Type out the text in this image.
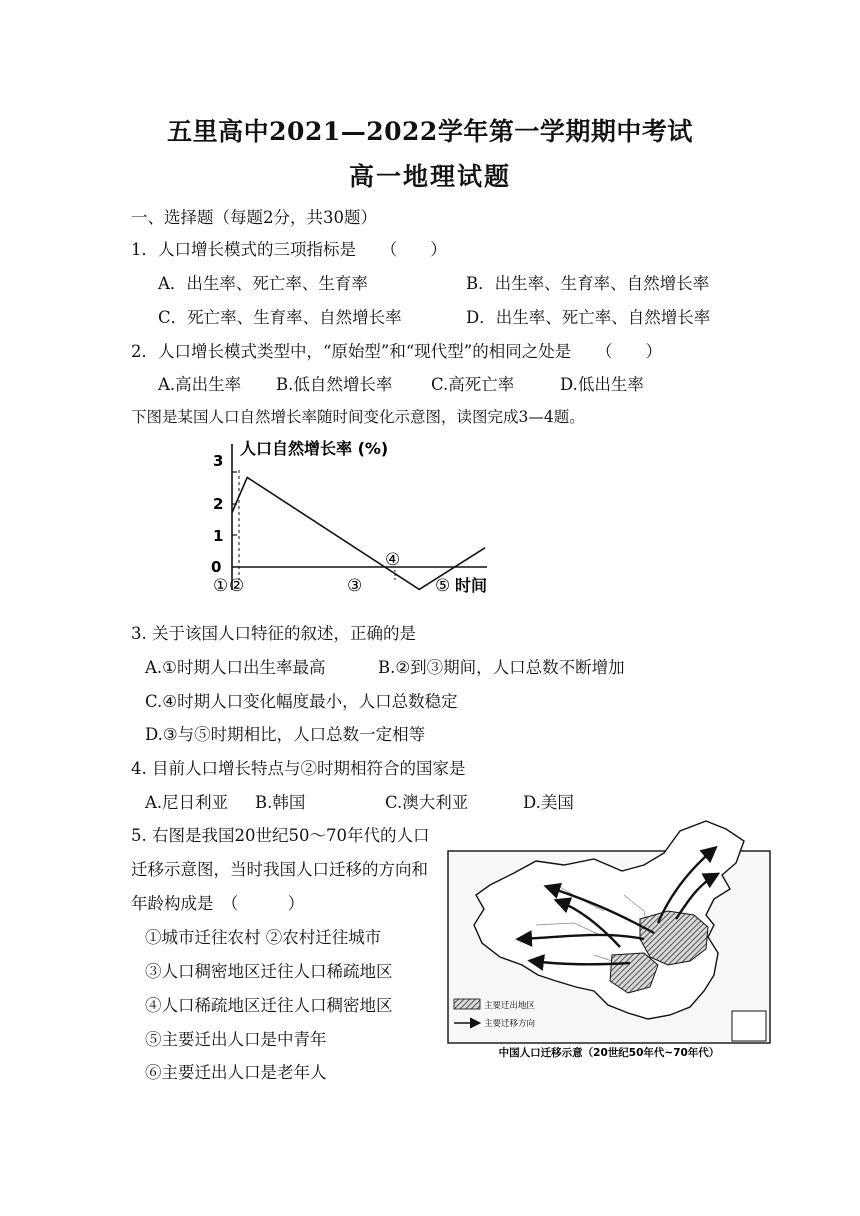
五里高中2021—2022学年第一学期期中考试
高一地理试题
一、选择题（每题2分，共30题）
1．人口增长模式的三项指标是　　（　　）
A．出生率、死亡率、生育率	B．出生率、生育率、自然增长率
C．死亡率、生育率、自然增长率	D．出生率、死亡率、自然增长率
2．人口增长模式类型中，“原始型”和“现代型”的相同之处是　　（　　）
A.高出生率 B.低自然增长率 C.高死亡率	D.低出生率
下图是某国人口自然增长率随时间变化示意图，读图完成3—4题。
人口自然增长率 (%)
0
1
2
3
① ②	③
④
⑤ 时间
3. 关于该国人口特征的叙述，正确的是
A.①时期人口出生率最高	B.②到③期间，人口总数不断增加
C.④时期人口变化幅度最小，人口总数稳定
D.③与⑤时期相比，人口总数一定相等
4. 目前人口增长特点与②时期相符合的国家是
A.尼日利亚 B.韩国	C.澳大利亚	D.美国
5. 右图是我国20世纪50～70年代的人口
迁移示意图，当时我国人口迁移的方向和
年龄构成是　（　　　）
①城市迁往农村 ②农村迁往城市
③人口稠密地区迁往人口稀疏地区
④人口稀疏地区迁往人口稠密地区
⑤主要迁出人口是中青年
⑥主要迁出人口是老年人
主要迁出地区
主要迁移方向
中国人口迁移示意（20世纪50年代~70年代）
